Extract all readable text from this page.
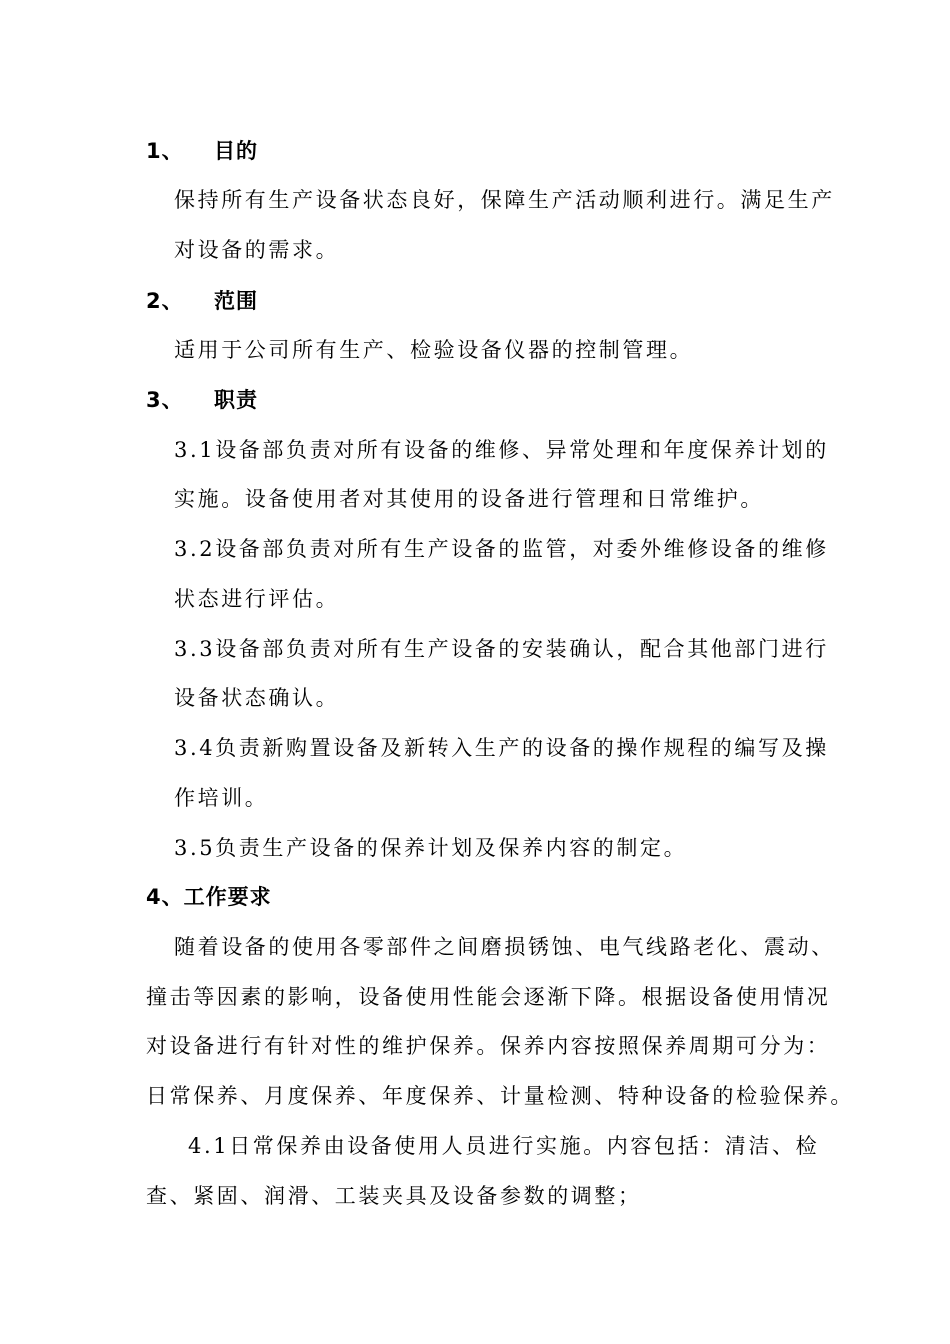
1、 目的
保持所有生产设备状态良好，保障生产活动顺利进行。满足生产
对设备的需求。
2、 范围
适用于公司所有生产、检验设备仪器的控制管理。
3、 职责
3.1设备部负责对所有设备的维修、异常处理和年度保养计划的
实施。设备使用者对其使用的设备进行管理和日常维护。
3.2设备部负责对所有生产设备的监管，对委外维修设备的维修
状态进行评估。
3.3设备部负责对所有生产设备的安装确认，配合其他部门进行
设备状态确认。
3.4负责新购置设备及新转入生产的设备的操作规程的编写及操
作培训。
3.5负责生产设备的保养计划及保养内容的制定。
4、工作要求
随着设备的使用各零部件之间磨损锈蚀、电气线路老化、震动、
撞击等因素的影响，设备使用性能会逐渐下降。根据设备使用情况
对设备进行有针对性的维护保养。保养内容按照保养周期可分为：
日常保养、月度保养、年度保养、计量检测、特种设备的检验保养。
4.1日常保养由设备使用人员进行实施。内容包括：清洁、检
查、紧固、润滑、工装夹具及设备参数的调整；
